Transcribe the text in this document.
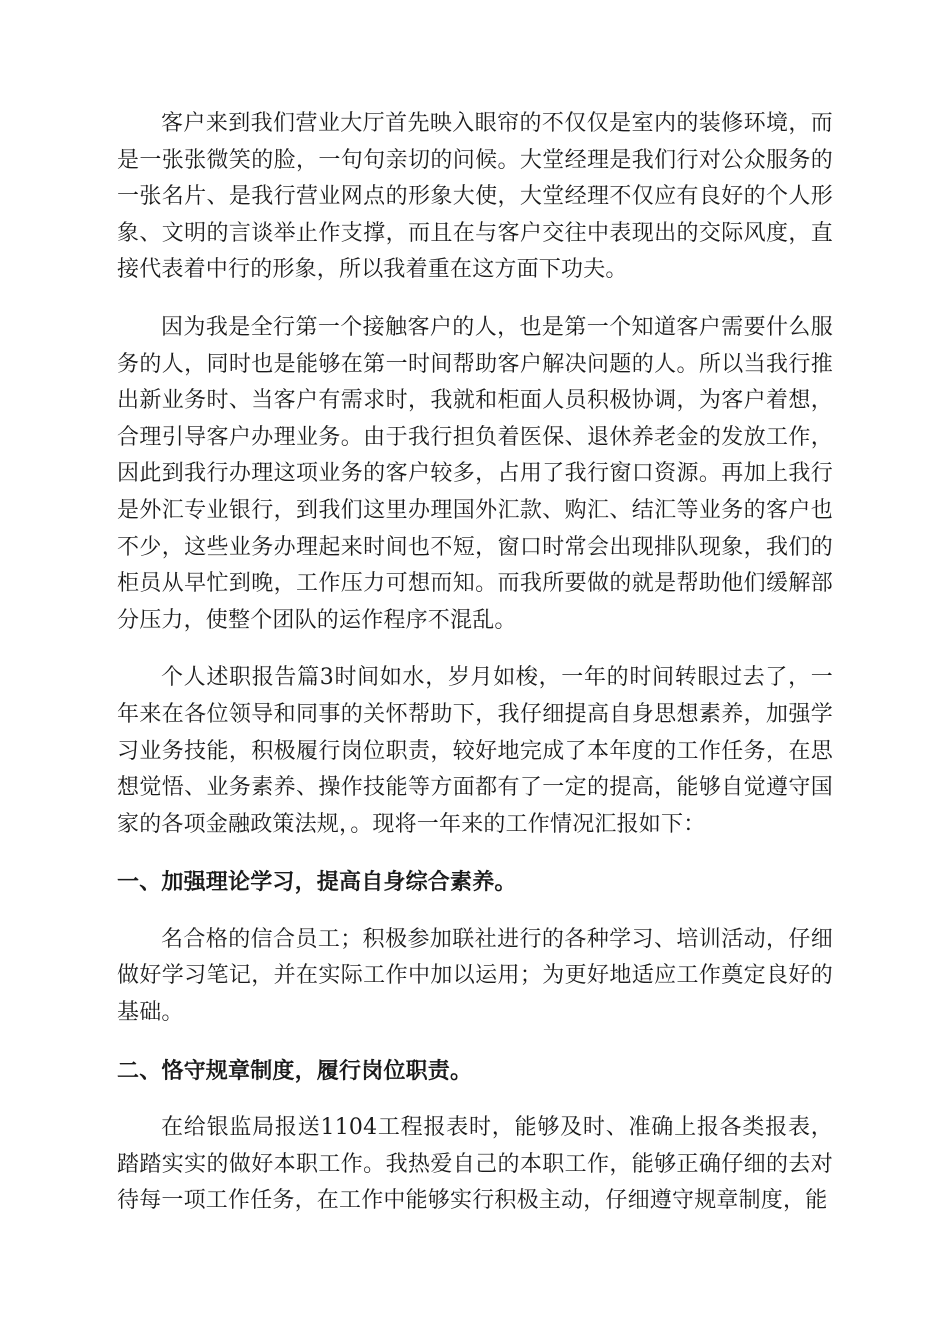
客户来到我们营业大厅首先映入眼帘的不仅仅是室内的装修环境，而是一张张微笑的脸，一句句亲切的问候。大堂经理是我们行对公众服务的一张名片、是我行营业网点的形象大使，大堂经理不仅应有良好的个人形象、文明的言谈举止作支撑，而且在与客户交往中表现出的交际风度，直接代表着中行的形象，所以我着重在这方面下功夫。

因为我是全行第一个接触客户的人，也是第一个知道客户需要什么服务的人，同时也是能够在第一时间帮助客户解决问题的人。所以当我行推出新业务时、当客户有需求时，我就和柜面人员积极协调，为客户着想，合理引导客户办理业务。由于我行担负着医保、退休养老金的发放工作，因此到我行办理这项业务的客户较多，占用了我行窗口资源。再加上我行是外汇专业银行，到我们这里办理国外汇款、购汇、结汇等业务的客户也不少，这些业务办理起来时间也不短，窗口时常会出现排队现象，我们的柜员从早忙到晚，工作压力可想而知。而我所要做的就是帮助他们缓解部分压力，使整个团队的运作程序不混乱。

个人述职报告篇3时间如水，岁月如梭，一年的时间转眼过去了，一年来在各位领导和同事的关怀帮助下，我仔细提高自身思想素养，加强学习业务技能，积极履行岗位职责，较好地完成了本年度的工作任务，在思想觉悟、业务素养、操作技能等方面都有了一定的提高，能够自觉遵守国家的各项金融政策法规，。现将一年来的工作情况汇报如下：

一、加强理论学习，提高自身综合素养。

名合格的信合员工；积极参加联社进行的各种学习、培训活动，仔细做好学习笔记，并在实际工作中加以运用；为更好地适应工作奠定良好的基础。

二、恪守规章制度，履行岗位职责。

在给银监局报送1104工程报表时，能够及时、准确上报各类报表，踏踏实实的做好本职工作。我热爱自己的本职工作，能够正确仔细的去对待每一项工作任务，在工作中能够实行积极主动，仔细遵守规章制度，能
